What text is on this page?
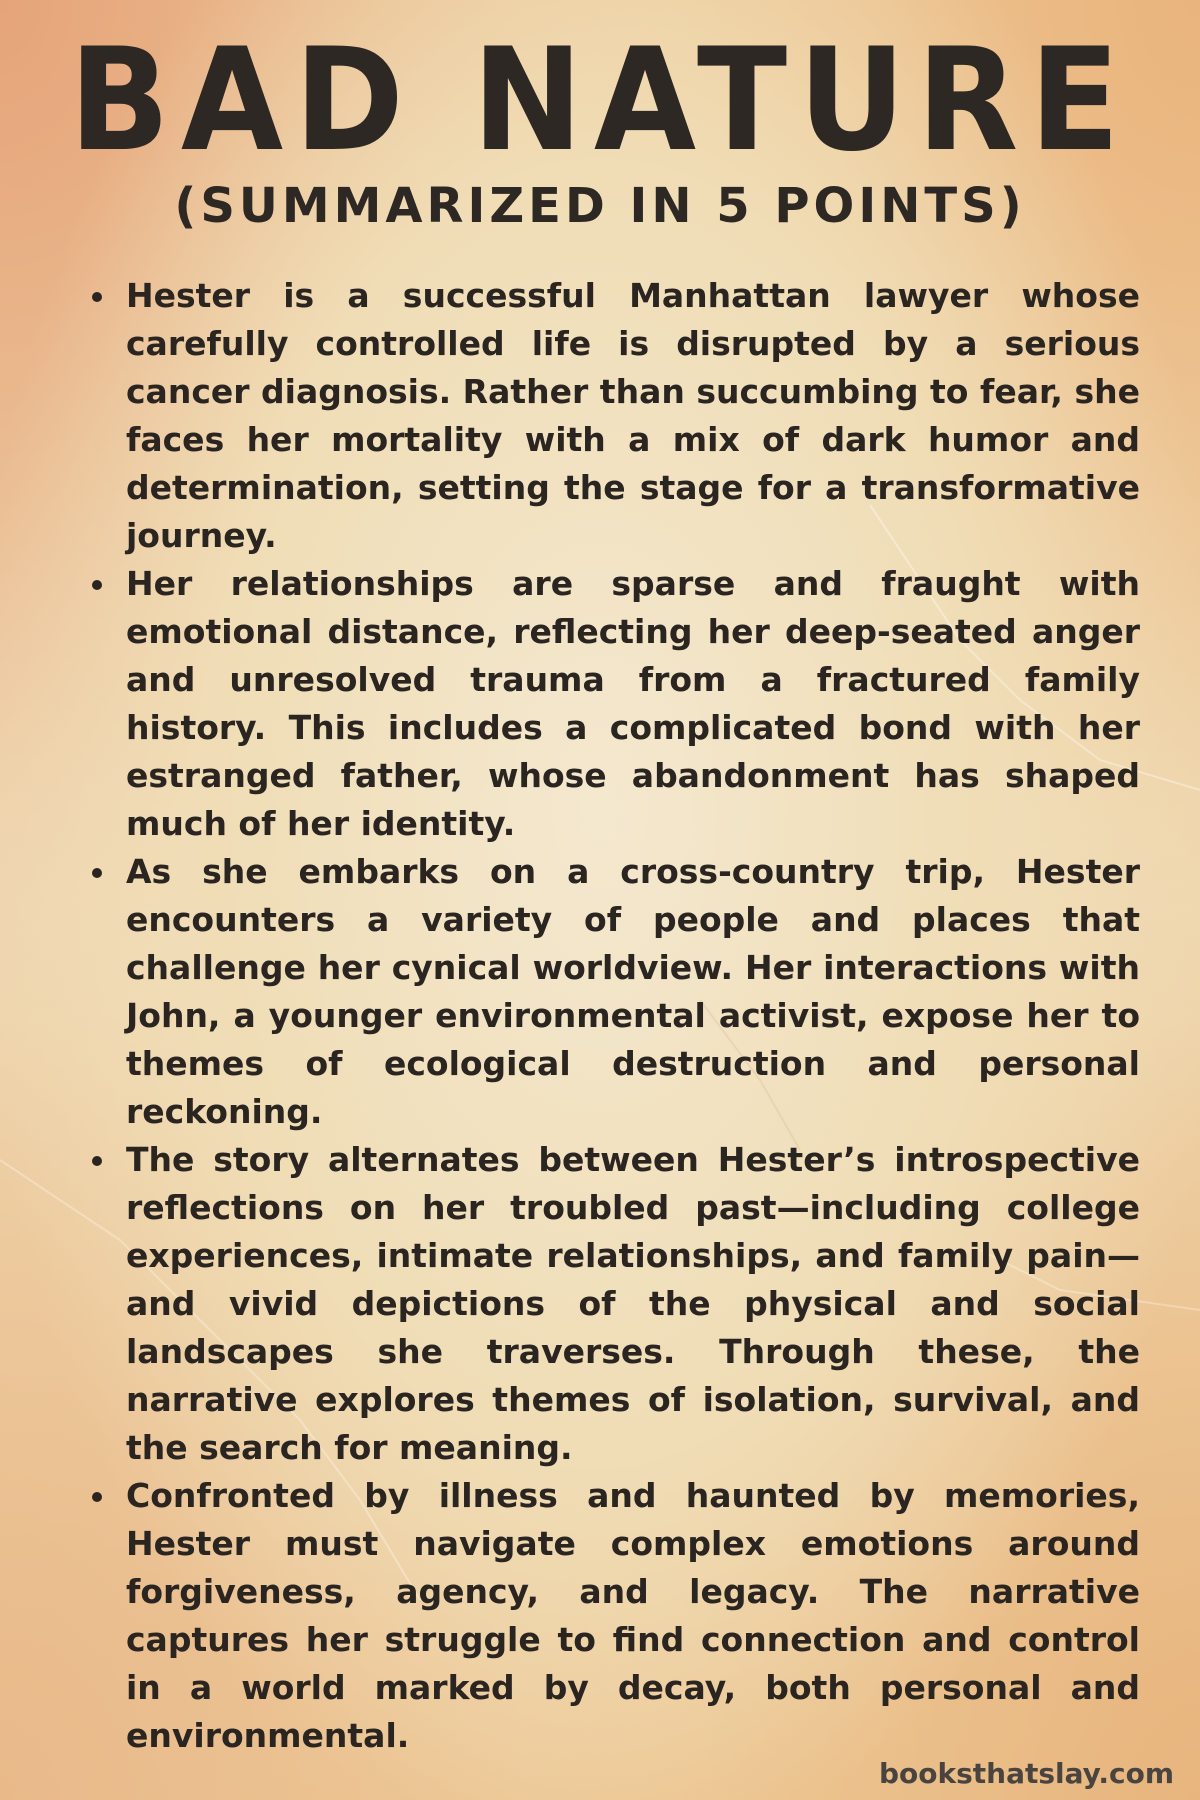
BAD NATURE
(SUMMARIZED IN 5 POINTS)
Hester is a successful Manhattan lawyer whose carefully controlled life is disrupted by a serious cancer diagnosis. Rather than succumbing to fear, she faces her mortality with a mix of dark humor and determination, setting the stage for a transformative journey.
Her relationships are sparse and fraught with emotional distance, reflecting her deep-seated anger and unresolved trauma from a fractured family history. This includes a complicated bond with her estranged father, whose abandonment has shaped much of her identity.
As she embarks on a cross-country trip, Hester encounters a variety of people and places that challenge her cynical worldview. Her interactions with John, a younger environmental activist, expose her to themes of ecological destruction and personal reckoning.
The story alternates between Hester’s introspective reflections on her troubled past—including college experiences, intimate relationships, and family pain—and vivid depictions of the physical and social landscapes she traverses. Through these, the narrative explores themes of isolation, survival, and the search for meaning.
Confronted by illness and haunted by memories, Hester must navigate complex emotions around forgiveness, agency, and legacy. The narrative captures her struggle to find connection and control in a world marked by decay, both personal and environmental.
booksthatslay.com
